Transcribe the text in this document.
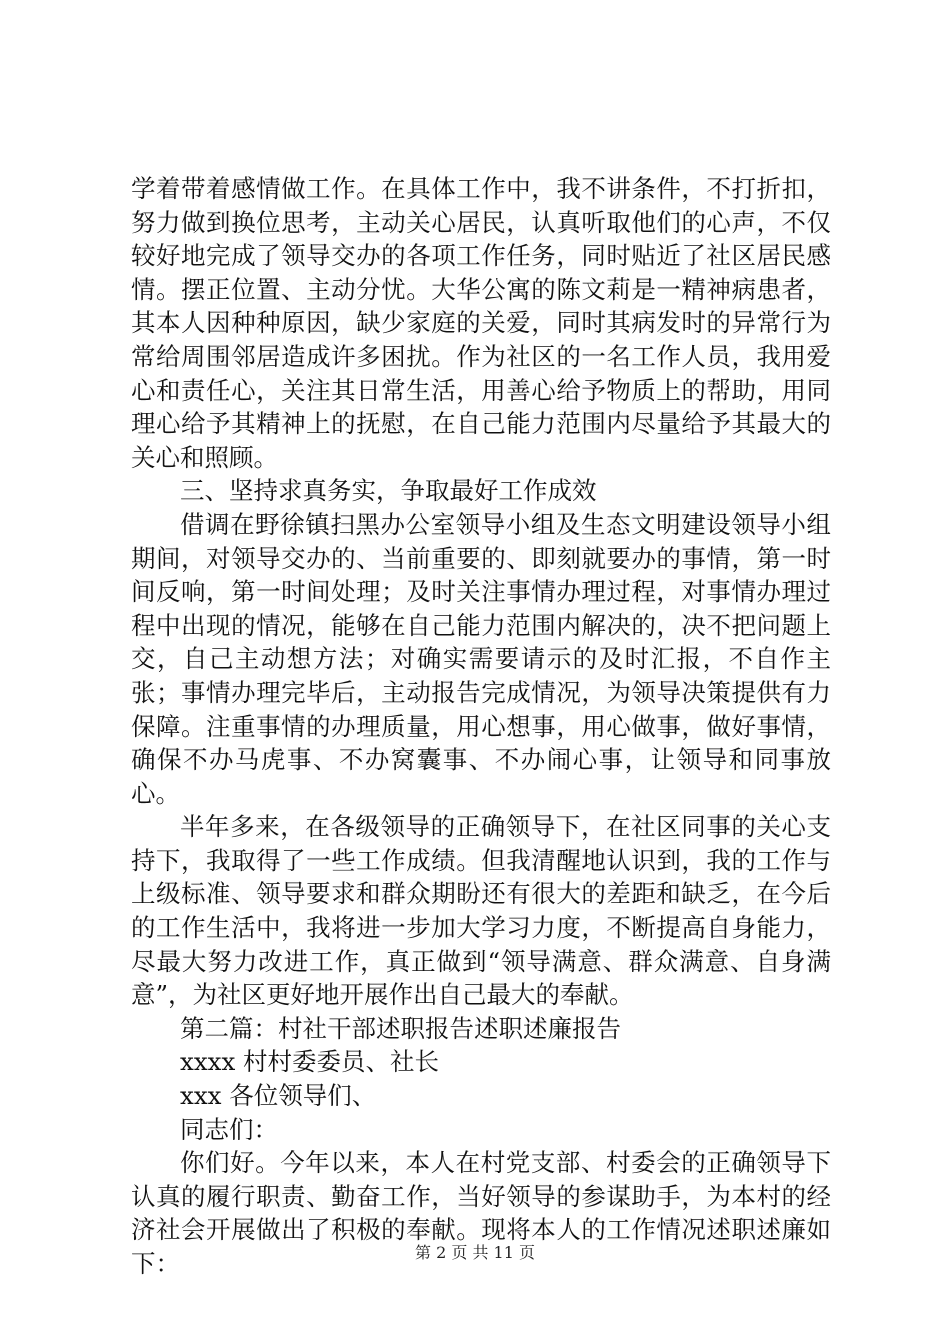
学着带着感情做工作。在具体工作中，我不讲条件，不打折扣，努力做到换位思考，主动关心居民，认真听取他们的心声，不仅较好地完成了领导交办的各项工作任务，同时贴近了社区居民感情。摆正位置、主动分忧。大华公寓的陈文莉是一精神病患者，其本人因种种原因，缺少家庭的关爱，同时其病发时的异常行为常给周围邻居造成许多困扰。作为社区的一名工作人员，我用爱心和责任心，关注其日常生活，用善心给予物质上的帮助，用同理心给予其精神上的抚慰，在自己能力范围内尽量给予其最大的关心和照顾。

三、坚持求真务实，争取最好工作成效

借调在野徐镇扫黑办公室领导小组及生态文明建设领导小组期间，对领导交办的、当前重要的、即刻就要办的事情，第一时间反响，第一时间处理；及时关注事情办理过程，对事情办理过程中出现的情况，能够在自己能力范围内解决的，决不把问题上交，自己主动想方法；对确实需要请示的及时汇报，不自作主张；事情办理完毕后，主动报告完成情况，为领导决策提供有力保障。注重事情的办理质量，用心想事，用心做事，做好事情，确保不办马虎事、不办窝囊事、不办闹心事，让领导和同事放心。

半年多来，在各级领导的正确领导下，在社区同事的关心支持下，我取得了一些工作成绩。但我清醒地认识到，我的工作与上级标准、领导要求和群众期盼还有很大的差距和缺乏，在今后的工作生活中，我将进一步加大学习力度，不断提高自身能力，尽最大努力改进工作，真正做到“领导满意、群众满意、自身满意”，为社区更好地开展作出自己最大的奉献。

第二篇：村社干部述职报告述职述廉报告

xxxx 村村委委员、社长

xxx 各位领导们、

同志们：

你们好。今年以来，本人在村党支部、村委会的正确领导下认真的履行职责、勤奋工作，当好领导的参谋助手，为本村的经济社会开展做出了积极的奉献。现将本人的工作情况述职述廉如下：	第 2 页 共 11 页
